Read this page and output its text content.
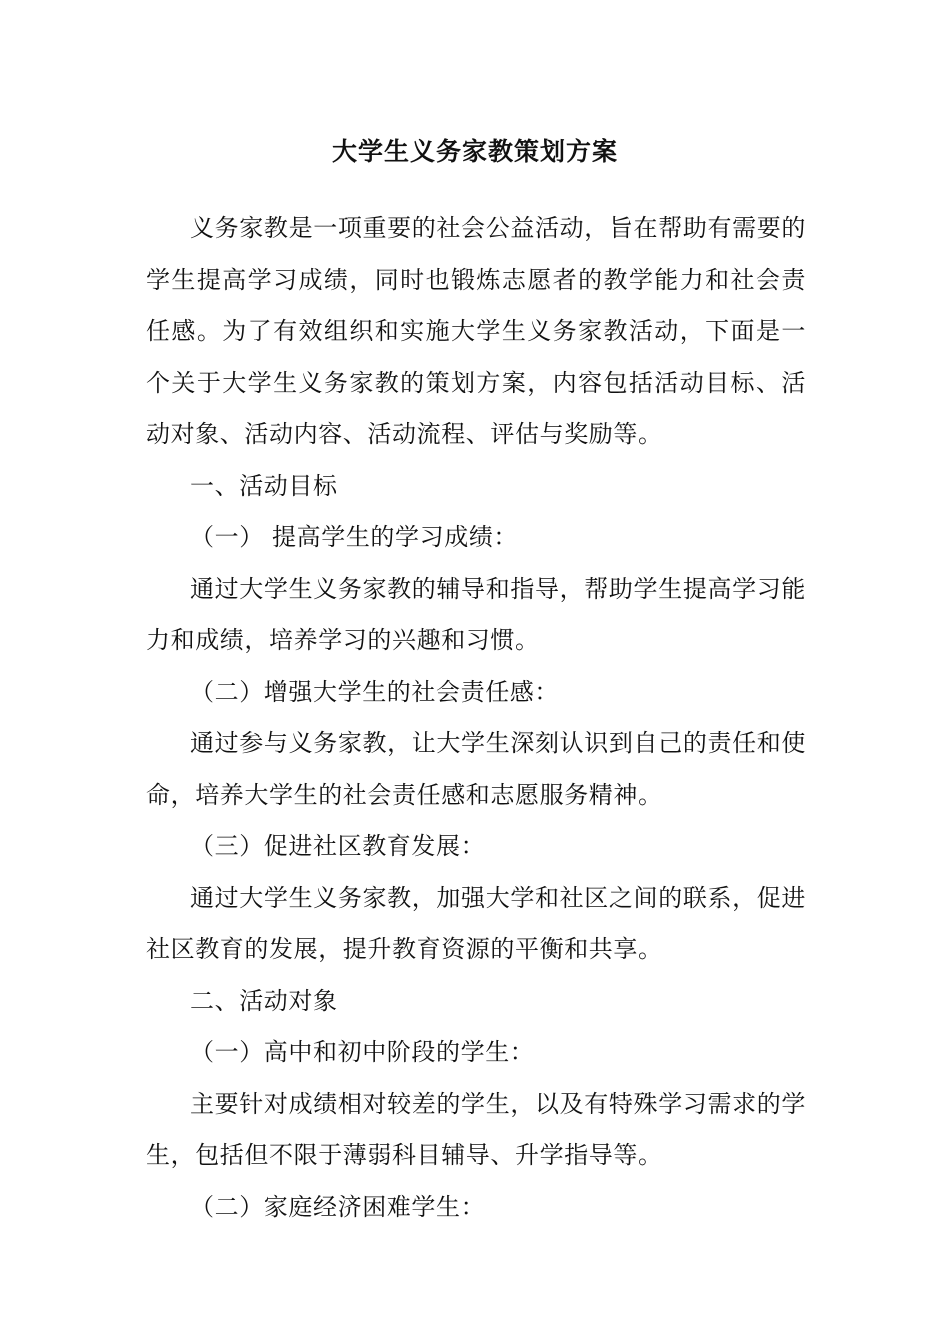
大学生义务家教策划方案

义务家教是一项重要的社会公益活动，旨在帮助有需要的学生提高学习成绩，同时也锻炼志愿者的教学能力和社会责任感。为了有效组织和实施大学生义务家教活动，下面是一个关于大学生义务家教的策划方案，内容包括活动目标、活动对象、活动内容、活动流程、评估与奖励等。

一、活动目标

（一） 提高学生的学习成绩：

通过大学生义务家教的辅导和指导，帮助学生提高学习能力和成绩，培养学习的兴趣和习惯。

（二）增强大学生的社会责任感：

通过参与义务家教，让大学生深刻认识到自己的责任和使命，培养大学生的社会责任感和志愿服务精神。

（三）促进社区教育发展：

通过大学生义务家教，加强大学和社区之间的联系，促进社区教育的发展，提升教育资源的平衡和共享。

二、活动对象

（一）高中和初中阶段的学生：

主要针对成绩相对较差的学生，以及有特殊学习需求的学生，包括但不限于薄弱科目辅导、升学指导等。

（二）家庭经济困难学生：
